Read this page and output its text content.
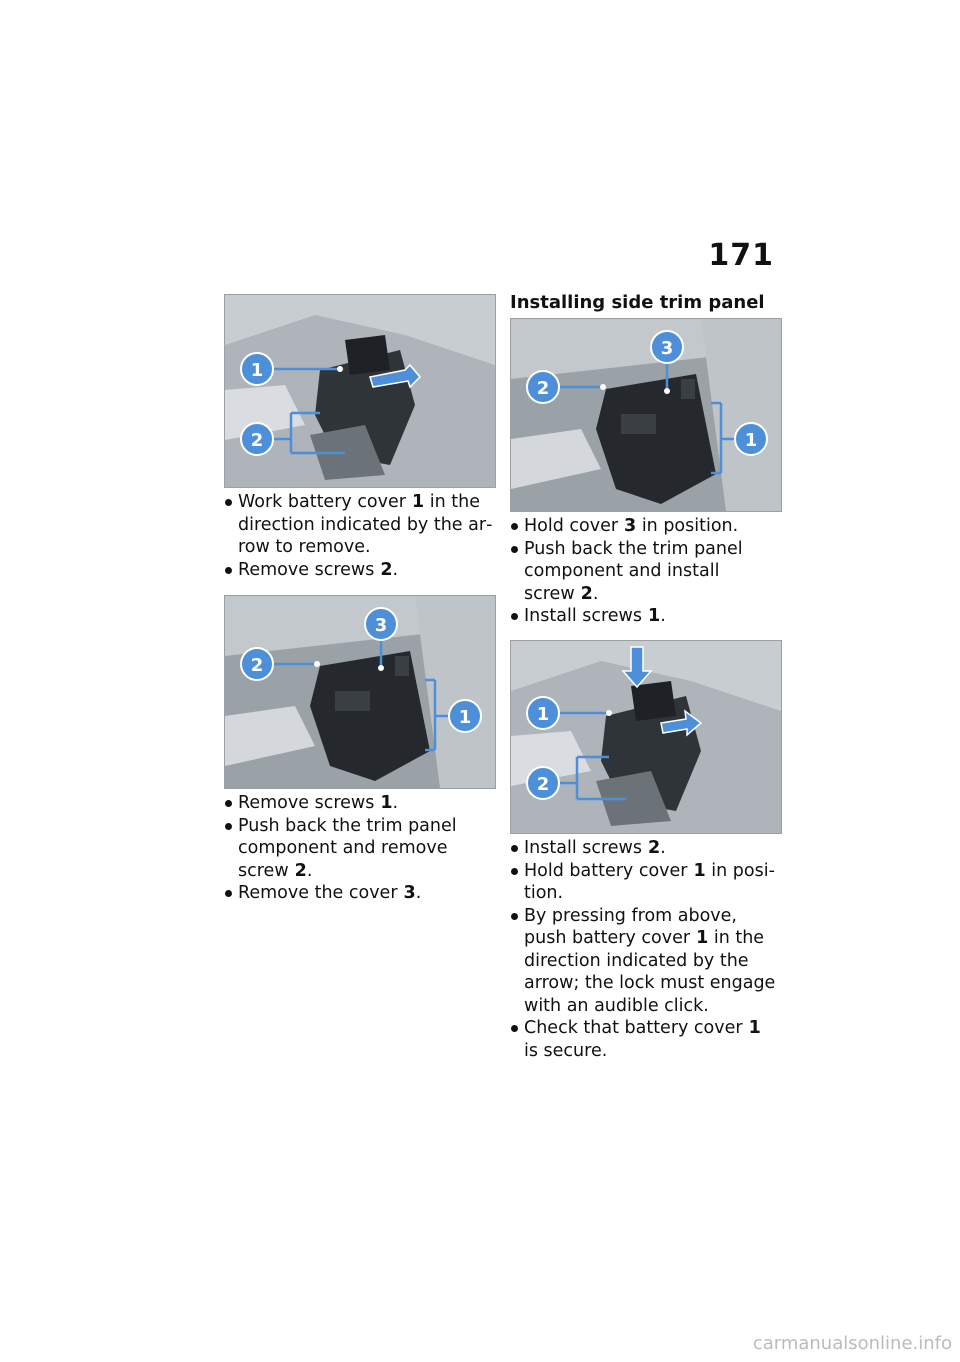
171
1
2
Work battery cover 1 in the direction indicated by the arrow to remove.
Remove screws 2.
2
3
1
Remove screws 1.
Push back the trim panel component and remove screw 2.
Remove the cover 3.
Installing side trim panel
2
3
1
Hold cover 3 in position.
Push back the trim panel component and install screw 2.
Install screws 1.
1
2
Install screws 2.
Hold battery cover 1 in position.
By pressing from above, push battery cover 1 in the direction indicated by the arrow; the lock must engage with an audible click.
Check that battery cover 1 is secure.
carmanualsonline.info
